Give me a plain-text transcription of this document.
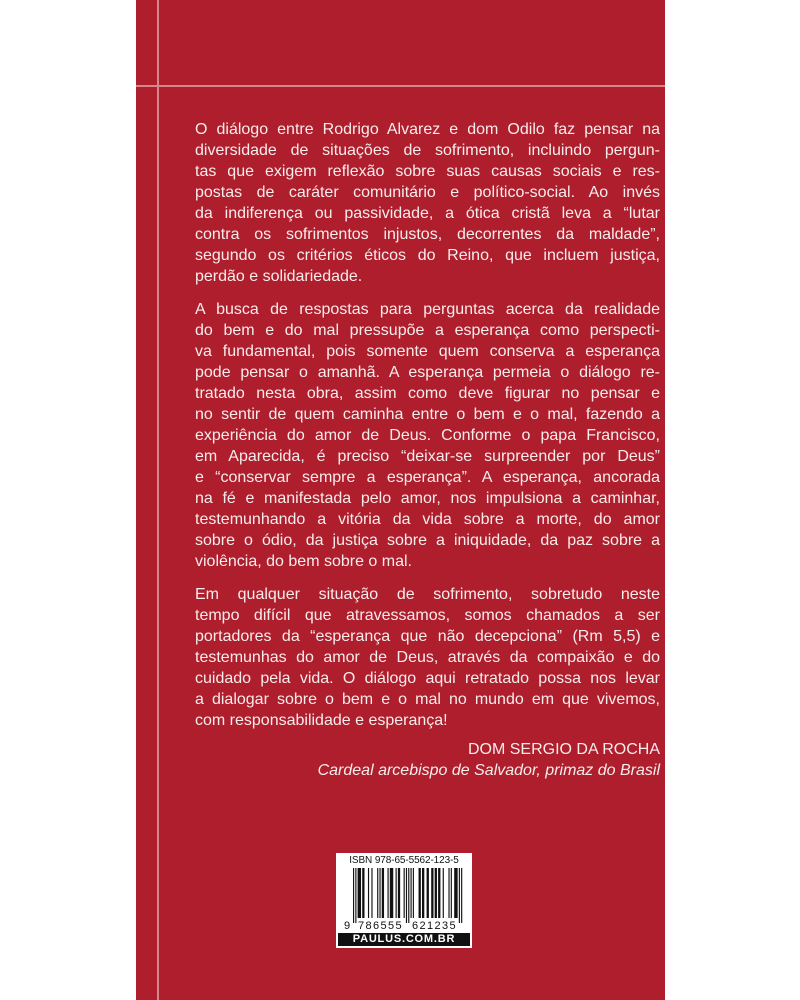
O diálogo entre Rodrigo Alvarez e dom Odilo faz pensar na
diversidade de situações de sofrimento, incluindo pergun-
tas que exigem reflexão sobre suas causas sociais e res-
postas de caráter comunitário e político-social. Ao invés
da indiferença ou passividade, a ótica cristã leva a “lutar
contra os sofrimentos injustos, decorrentes da maldade”,
segundo os critérios éticos do Reino, que incluem justiça,
perdão e solidariedade.
A busca de respostas para perguntas acerca da realidade
do bem e do mal pressupõe a esperança como perspecti-
va fundamental, pois somente quem conserva a esperança
pode pensar o amanhã. A esperança permeia o diálogo re-
tratado nesta obra, assim como deve figurar no pensar e
no sentir de quem caminha entre o bem e o mal, fazendo a
experiência do amor de Deus. Conforme o papa Francisco,
em Aparecida, é preciso “deixar-se surpreender por Deus”
e “conservar sempre a esperança”. A esperança, ancorada
na fé e manifestada pelo amor, nos impulsiona a caminhar,
testemunhando a vitória da vida sobre a morte, do amor
sobre o ódio, da justiça sobre a iniquidade, da paz sobre a
violência, do bem sobre o mal.
Em qualquer situação de sofrimento, sobretudo neste
tempo difícil que atravessamos, somos chamados a ser
portadores da “esperança que não decepciona” (Rm 5,5) e
testemunhas do amor de Deus, através da compaixão e do
cuidado pela vida. O diálogo aqui retratado possa nos levar
a dialogar sobre o bem e o mal no mundo em que vivemos,
com responsabilidade e esperança!
DOM SERGIO DA ROCHA
Cardeal arcebispo de Salvador, primaz do Brasil
ISBN 978-65-5562-123-5
9 786555 621235
PAULUS.COM.BR
